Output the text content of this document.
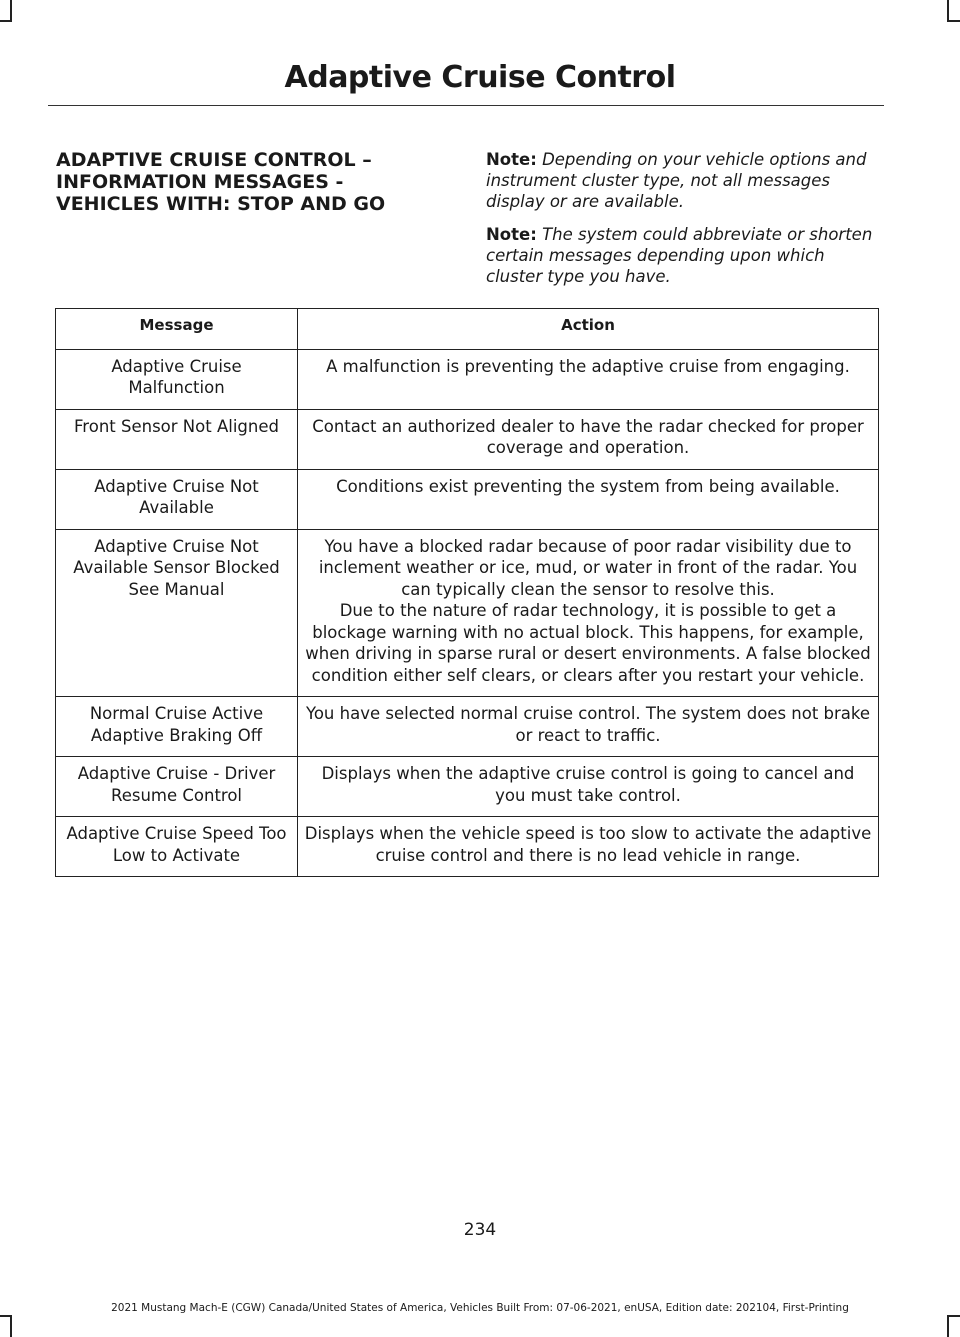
Adaptive Cruise Control
ADAPTIVE CRUISE CONTROL – INFORMATION MESSAGES - VEHICLES WITH: STOP AND GO

Note: Depending on your vehicle options and instrument cluster type, not all messages display or are available.

Note: The system could abbreviate or shorten certain messages depending upon which cluster type you have.

Message	Action
Adaptive Cruise Malfunction	A malfunction is preventing the adaptive cruise from engaging.

Front Sensor Not Aligned	Contact an authorized dealer to have the radar checked for proper coverage and operation.

Adaptive Cruise Not Available	Conditions exist preventing the system from being available.

Adaptive Cruise Not Available Sensor Blocked See Manual	You have a blocked radar because of poor radar visibility due to inclement weather or ice, mud, or water in front of the radar. You can typically clean the sensor to resolve this.
Due to the nature of radar technology, it is possible to get a blockage warning with no actual block. This happens, for example, when driving in sparse rural or desert environments. A false blocked condition either self clears, or clears after you restart your vehicle.

Normal Cruise Active Adaptive Braking Off	You have selected normal cruise control. The system does not brake or react to traffic.

Adaptive Cruise - Driver Resume Control	Displays when the adaptive cruise control is going to cancel and you must take control.

Adaptive Cruise Speed Too Low to Activate	Displays when the vehicle speed is too slow to activate the adaptive cruise control and there is no lead vehicle in range.
234
2021 Mustang Mach-E (CGW) Canada/United States of America, Vehicles Built From: 07-06-2021, enUSA, Edition date: 202104, First-Printing
